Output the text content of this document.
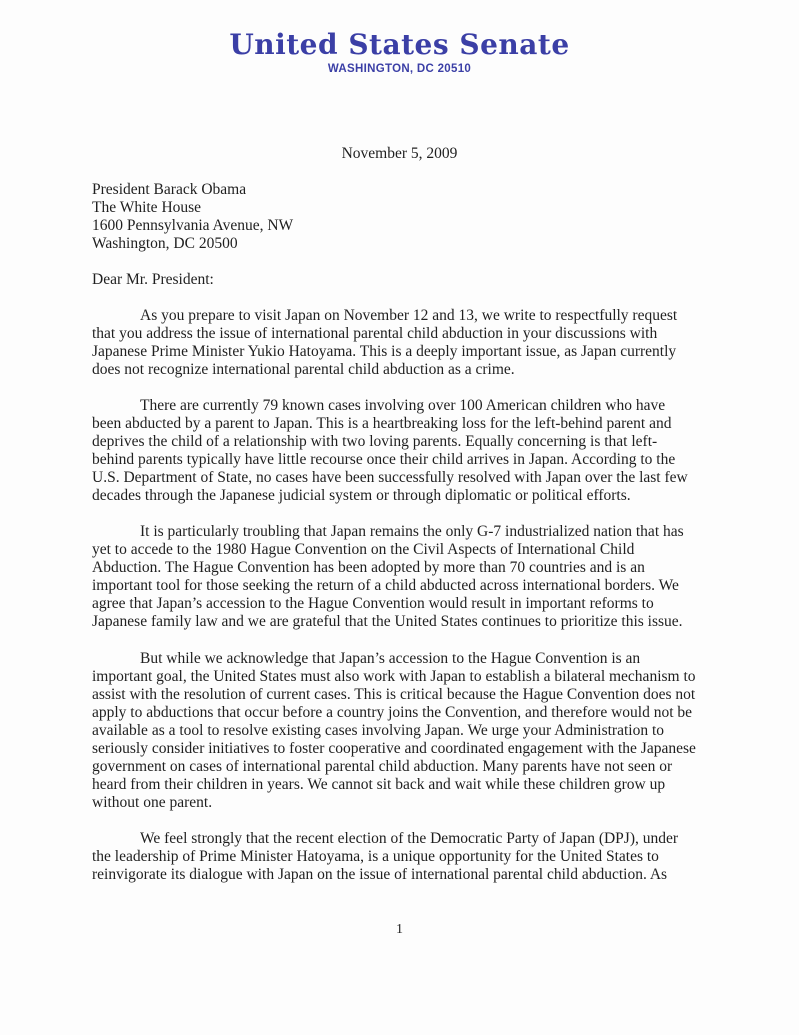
United States Senate
WASHINGTON, DC 20510
November 5, 2009
President Barack Obama
The White House
1600 Pennsylvania Avenue, NW
Washington, DC 20500
Dear Mr. President:
As you prepare to visit Japan on November 12 and 13, we write to respectfully request
that you address the issue of international parental child abduction in your discussions with
Japanese Prime Minister Yukio Hatoyama. This is a deeply important issue, as Japan currently
does not recognize international parental child abduction as a crime.
There are currently 79 known cases involving over 100 American children who have
been abducted by a parent to Japan. This is a heartbreaking loss for the left-behind parent and
deprives the child of a relationship with two loving parents. Equally concerning is that left-
behind parents typically have little recourse once their child arrives in Japan. According to the
U.S. Department of State, no cases have been successfully resolved with Japan over the last few
decades through the Japanese judicial system or through diplomatic or political efforts.
It is particularly troubling that Japan remains the only G-7 industrialized nation that has
yet to accede to the 1980 Hague Convention on the Civil Aspects of International Child
Abduction. The Hague Convention has been adopted by more than 70 countries and is an
important tool for those seeking the return of a child abducted across international borders. We
agree that Japan’s accession to the Hague Convention would result in important reforms to
Japanese family law and we are grateful that the United States continues to prioritize this issue.
But while we acknowledge that Japan’s accession to the Hague Convention is an
important goal, the United States must also work with Japan to establish a bilateral mechanism to
assist with the resolution of current cases. This is critical because the Hague Convention does not
apply to abductions that occur before a country joins the Convention, and therefore would not be
available as a tool to resolve existing cases involving Japan. We urge your Administration to
seriously consider initiatives to foster cooperative and coordinated engagement with the Japanese
government on cases of international parental child abduction. Many parents have not seen or
heard from their children in years. We cannot sit back and wait while these children grow up
without one parent.
We feel strongly that the recent election of the Democratic Party of Japan (DPJ), under
the leadership of Prime Minister Hatoyama, is a unique opportunity for the United States to
reinvigorate its dialogue with Japan on the issue of international parental child abduction. As
1
